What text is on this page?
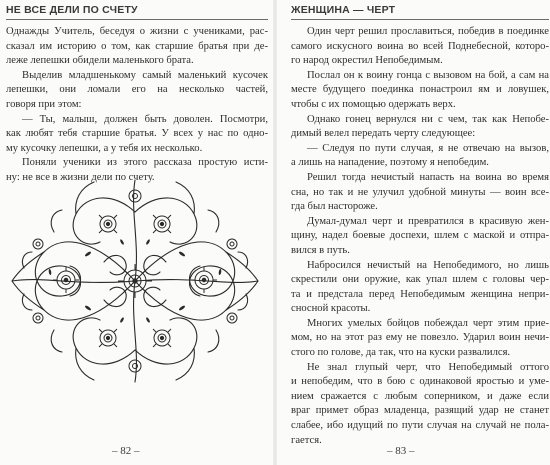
НЕ ВСЕ ДЕЛИ ПО СЧЕТУ
Однажды Учитель, беседуя о жизни с учениками, рас-
сказал им историю о том, как старшие братья при де-
леже лепешки обидели маленького брата.
Выделив младшенькому самый маленький кусочек
лепешки, они ломали его на несколько частей,
говоря при этом:
— Ты, малыш, должен быть доволен. Посмотри,
как любят тебя старшие братья. У всех у нас по одно-
му кусочку лепешки, а у тебя их несколько.
Поняли ученики из этого рассказа простую исти-
ну: не все в жизни дели по счету.
– 82 –
ЖЕНЩИНА — ЧЕРТ
Один черт решил прославиться, победив в поединке
самого искусного воина во всей Поднебесной, которо-
го народ окрестил Непобедимым.
Послал он к воину гонца с вызовом на бой, а сам на
месте будущего поединка понастроил ям и ловушек,
чтобы с их помощью одержать верх.
Однако гонец вернулся ни с чем, так как Непобе-
димый велел передать черту следующее:
— Следуя по пути случая, я не отвечаю на вызов,
а лишь на нападение, поэтому я непобедим.
Решил тогда нечистый напасть на воина во время
сна, но так и не улучил удобной минуты — воин все-
гда был настороже.
Думал-думал черт и превратился в красивую жен-
щину, надел боевые доспехи, шлем с маской и отпра-
вился в путь.
Набросился нечистый на Непобедимого, но лишь
скрестили они оружие, как упал шлем с головы чер-
та и предстала перед Непобедимым женщина непри-
сносной красоты.
Многих умелых бойцов побеждал черт этим прие-
мом, но на этот раз ему не повезло. Ударил воин нечи-
стого по голове, да так, что на куски развалился.
Не знал глупый черт, что Непобедимый оттого
и непобедим, что в бою с одинаковой яростью и уме-
нием сражается с любым соперником, и даже если
враг примет образ младенца, разящий удар не станет
слабее, ибо идущий по пути случая на случай не пола-
гается.
– 83 –
